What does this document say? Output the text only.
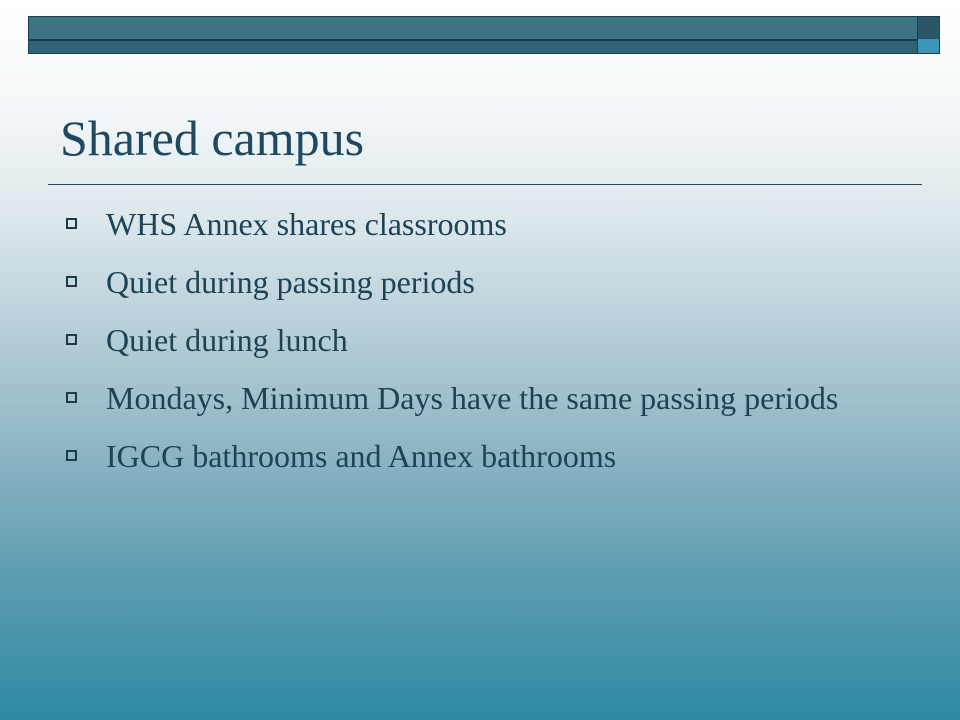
Shared campus
WHS Annex shares classrooms
Quiet during passing periods
Quiet during lunch
Mondays, Minimum Days have the same passing periods
IGCG bathrooms and Annex bathrooms
